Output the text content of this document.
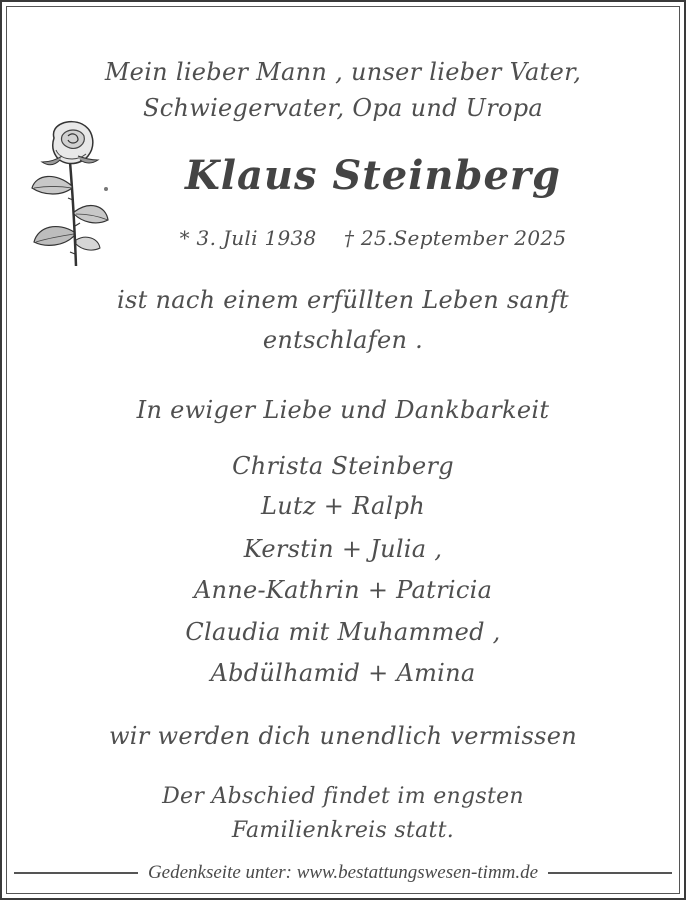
Mein lieber Mann , unser lieber Vater,
Schwiegervater, Opa und Uropa
Klaus Steinberg
* 3. Juli 1938 † 25.September 2025
ist nach einem erfüllten Leben sanft
entschlafen .
In ewiger Liebe und Dankbarkeit
Christa Steinberg
Lutz + Ralph
Kerstin + Julia ,
Anne-Kathrin + Patricia
Claudia mit Muhammed ,
Abdülhamid + Amina
wir werden dich unendlich vermissen
Der Abschied findet im engsten
Familienkreis statt.
Gedenkseite unter: www.bestattungswesen-timm.de
